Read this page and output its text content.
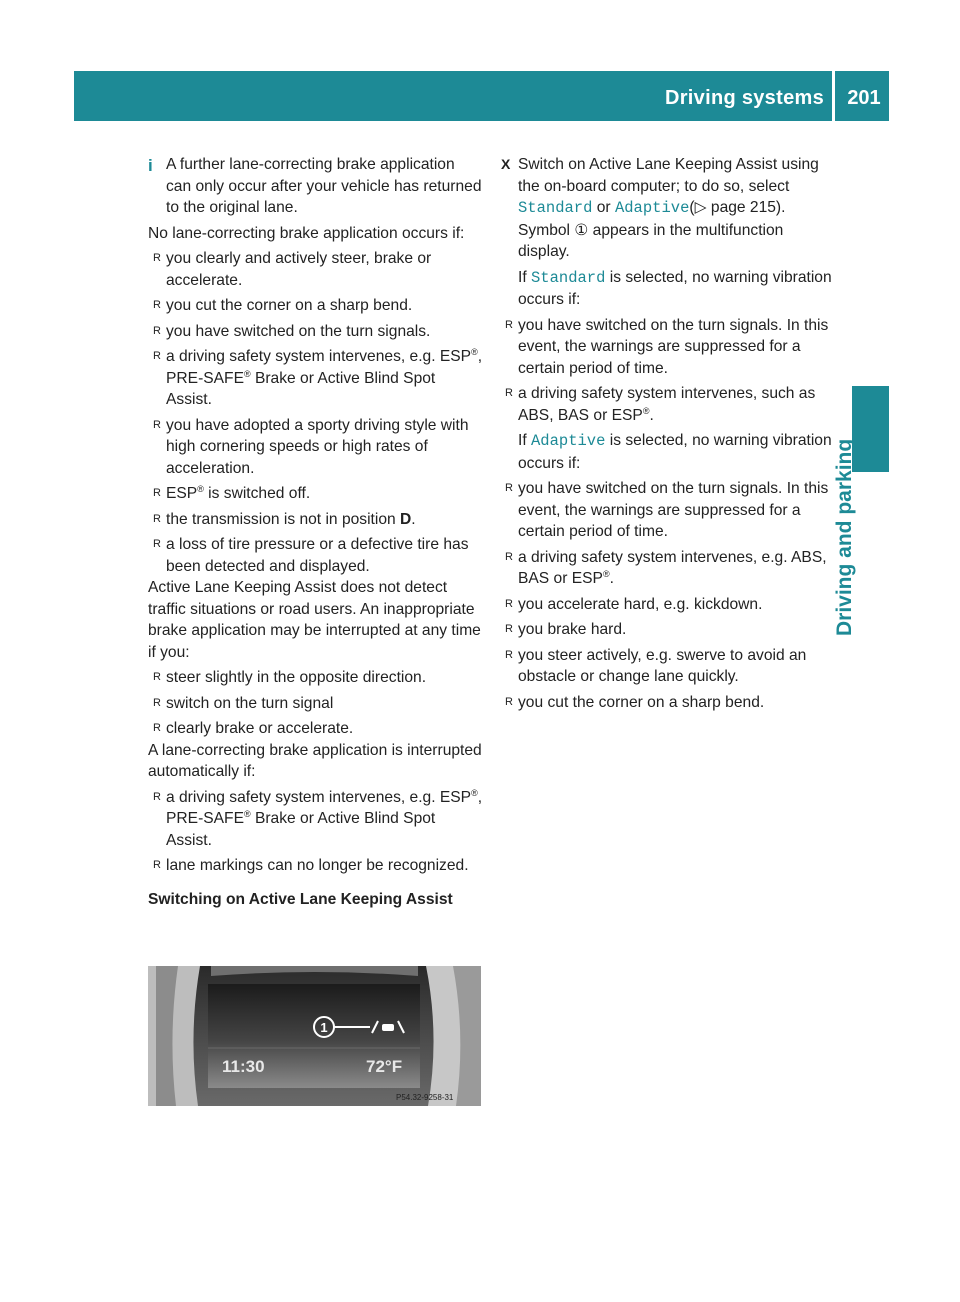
Driving systems	201
Driving and parking

i A further lane-correcting brake application can only occur after your vehicle has returned to the original lane.

No lane-correcting brake application occurs if:

R you clearly and actively steer, brake or accelerate.

R you cut the corner on a sharp bend.

R you have switched on the turn signals.

R a driving safety system intervenes, e.g. ESP®, PRE-SAFE® Brake or Active Blind Spot Assist.

R you have adopted a sporty driving style with high cornering speeds or high rates of acceleration.

R ESP® is switched off.

R the transmission is not in position D.

R a loss of tire pressure or a defective tire has been detected and displayed.

Active Lane Keeping Assist does not detect traffic situations or road users. An inappropriate brake application may be interrupted at any time if you:

R steer slightly in the opposite direction.

R switch on the turn signal

R clearly brake or accelerate.

A lane-correcting brake application is interrupted automatically if:

R a driving safety system intervenes, e.g. ESP®, PRE-SAFE® Brake or Active Blind Spot Assist.

R lane markings can no longer be recognized.

Switching on Active Lane Keeping Assist

X Switch on Active Lane Keeping Assist using the on-board computer; to do so, select Standard or Adaptive(▷ page 215).

Symbol ① appears in the multifunction display.

If Standard is selected, no warning vibration occurs if:

R you have switched on the turn signals. In this event, the warnings are suppressed for a certain period of time.

R a driving safety system intervenes, such as ABS, BAS or ESP®.

If Adaptive is selected, no warning vibration occurs if:

R you have switched on the turn signals. In this event, the warnings are suppressed for a certain period of time.

R a driving safety system intervenes, e.g. ABS, BAS or ESP®.

R you accelerate hard, e.g. kickdown.

R you brake hard.

R you steer actively, e.g. swerve to avoid an obstacle or change lane quickly.

R you cut the corner on a sharp bend.

1
11:30	72°F
P54.32-9258-31
